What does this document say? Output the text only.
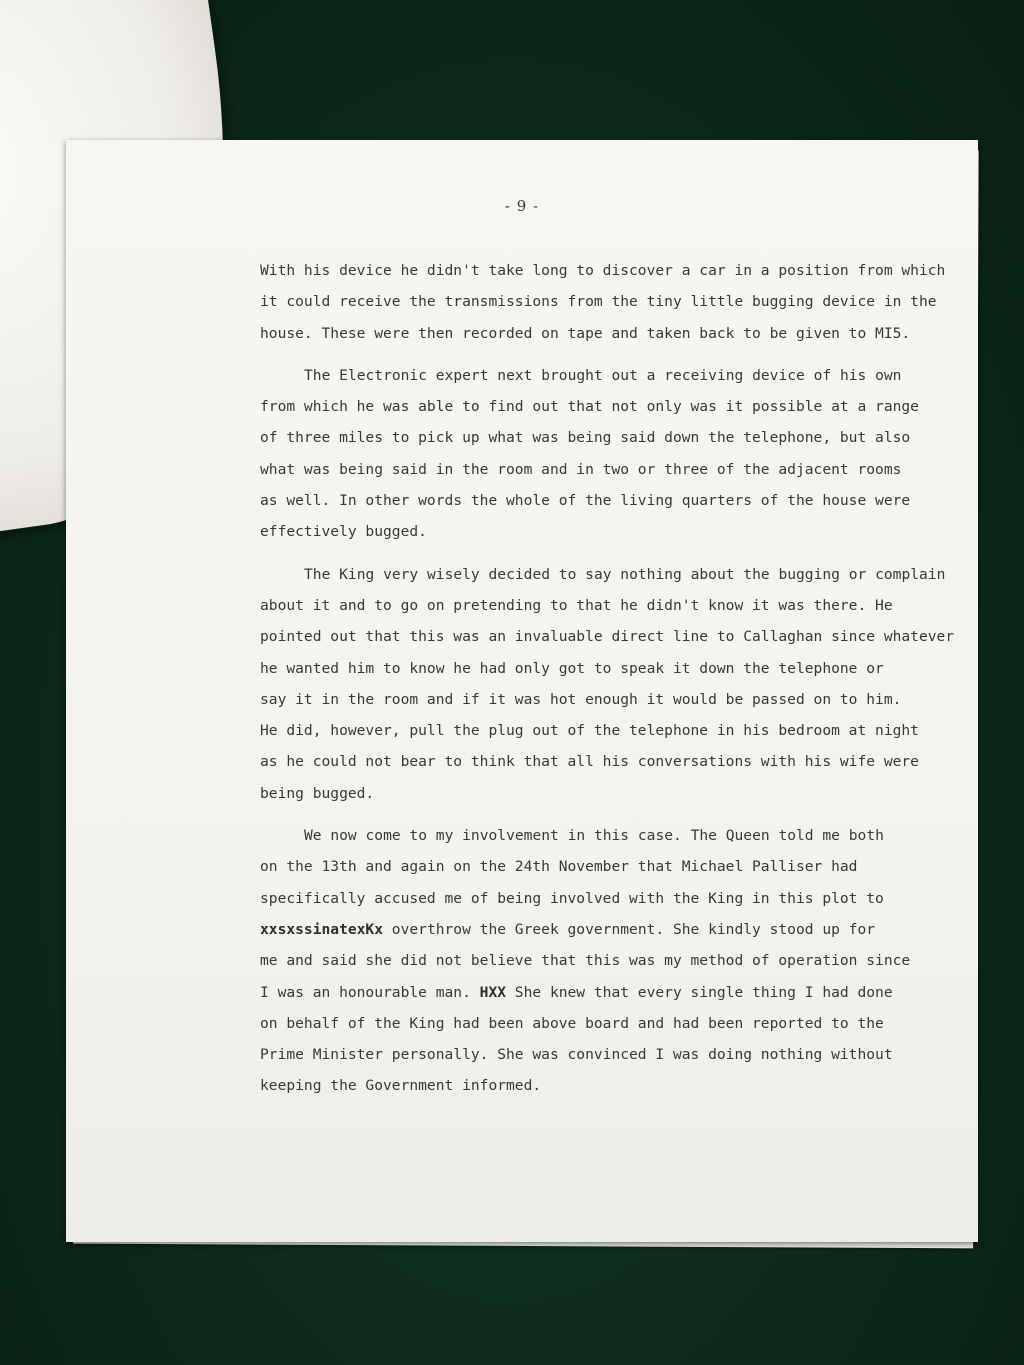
- 9 -
With his device he didn't take long to discover a car in a position from which
it could receive the transmissions from the tiny little bugging device in the
house. These were then recorded on tape and taken back to be given to MI5.
The Electronic expert next brought out a receiving device of his own
from which he was able to find out that not only was it possible at a range
of three miles to pick up what was being said down the telephone, but also
what was being said in the room and in two or three of the adjacent rooms
as well. In other words the whole of the living quarters of the house were
effectively bugged.
The King very wisely decided to say nothing about the bugging or complain
about it and to go on pretending to that he didn't know it was there. He
pointed out that this was an invaluable direct line to Callaghan since whatever
he wanted him to know he had only got to speak it down the telephone or
say it in the room and if it was hot enough it would be passed on to him.
He did, however, pull the plug out of the telephone in his bedroom at night
as he could not bear to think that all his conversations with his wife were
being bugged.
We now come to my involvement in this case. The Queen told me both
on the 13th and again on the 24th November that Michael Palliser had
specifically accused me of being involved with the King in this plot to
xxsxssinatexKx overthrow the Greek government. She kindly stood up for
me and said she did not believe that this was my method of operation since
I was an honourable man. HXX She knew that every single thing I had done
on behalf of the King had been above board and had been reported to the
Prime Minister personally. She was convinced I was doing nothing without
keeping the Government informed.
